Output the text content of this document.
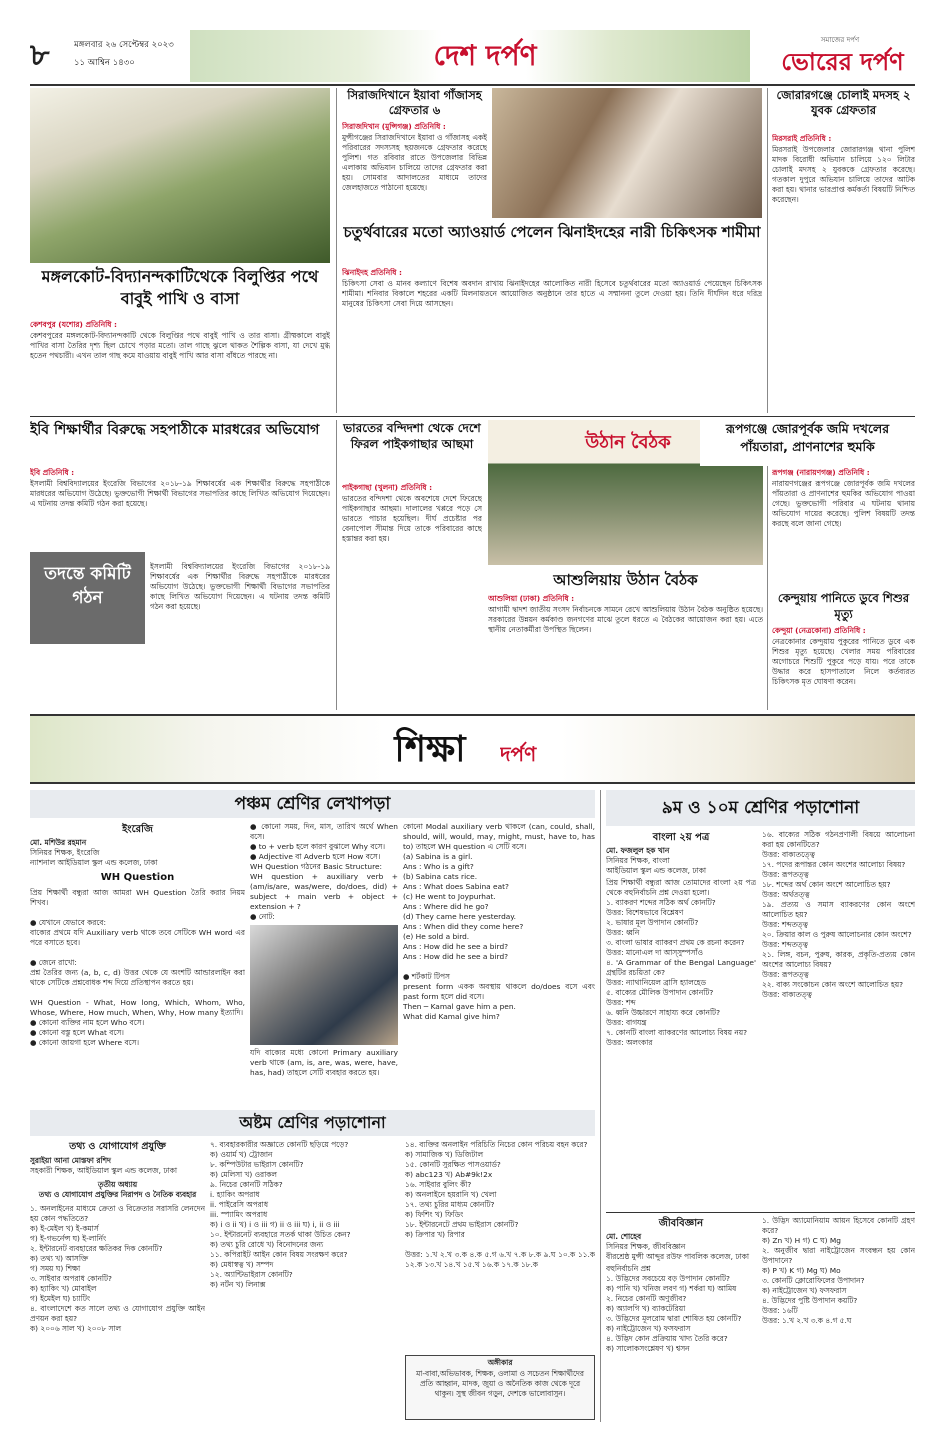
৮	মঙ্গলবার ২৬ সেপ্টেম্বর ২০২৩
১১ আশ্বিন ১৪৩০	দেশ দর্পণ	সমাজের দর্পণ
ভোরের দর্পণ
মঙ্গলকোট-বিদ্যানন্দকাটিথেকে বিলুপ্তির পথে বাবুই পাখি ও বাসা
কেশবপুর (যশোর) প্রতিনিধি :
কেশবপুরের মঙ্গলকোট-বিদ্যানন্দকাটি থেকে বিলুপ্তির পথে বাবুই পাখি ও তার বাসা। গ্রীষ্মকালে বাবুই পাখির বাসা তৈরির দৃশ্য ছিল চোখে পড়ার মতো। তাল গাছে ঝুলে থাকত শৈল্পিক বাসা, যা দেখে মুগ্ধ হতেন পথচারী। এখন তাল গাছ কমে যাওয়ায় বাবুই পাখি আর বাসা বাঁধতে পারছে না।
সিরাজদিখানে ইয়াবা গাঁজাসহ গ্রেফতার ৬
সিরাজদিখান (মুন্সিগঞ্জ) প্রতিনিধি :
মুন্সীগঞ্জের সিরাজদিখানে ইয়াবা ও গাঁজাসহ একই পরিবারের সদস্যসহ ছয়জনকে গ্রেফতার করেছে পুলিশ। গত রবিবার রাতে উপজেলার বিভিন্ন এলাকায় অভিযান চালিয়ে তাদের গ্রেফতার করা হয়। সোমবার আদালতের মাধ্যমে তাদের জেলহাজতে পাঠানো হয়েছে।
চতুর্থবারের মতো অ্যাওয়ার্ড পেলেন ঝিনাইদহের নারী চিকিৎসক শামীমা
ঝিনাইদহ প্রতিনিধি :
চিকিৎসা সেবা ও মানব কল্যাণে বিশেষ অবদান রাখায় ঝিনাইদহের আলোকিত নারী হিসেবে চতুর্থবারের মতো অ্যাওয়ার্ড পেয়েছেন চিকিৎসক শামীমা। শনিবার বিকালে শহরের একটি মিলনায়তনে আয়োজিত অনুষ্ঠানে তার হাতে এ সম্মাননা তুলে দেওয়া হয়। তিনি দীর্ঘদিন ধরে দরিদ্র মানুষের চিকিৎসা সেবা দিয়ে আসছেন।
জোরারগঞ্জে চোলাই মদসহ ২ যুবক গ্রেফতার
মিরসরাই প্রতিনিধি :
মিরসরাই উপজেলার জোরারগঞ্জ থানা পুলিশ মাদক বিরোধী অভিযান চালিয়ে ১২০ লিটার চোলাই মদসহ ২ যুবককে গ্রেফতার করেছে। গতকাল দুপুরে অভিযান চালিয়ে তাদের আটক করা হয়। থানার ভারপ্রাপ্ত কর্মকর্তা বিষয়টি নিশ্চিত করেছেন।
ইবি শিক্ষার্থীর বিরুদ্ধে সহপাঠীকে মারধরের অভিযোগ
ইবি প্রতিনিধি :
ইসলামী বিশ্ববিদ্যালয়ের ইংরেজি বিভাগের ২০১৮-১৯ শিক্ষাবর্ষের এক শিক্ষার্থীর বিরুদ্ধে সহপাঠীকে মারধরের অভিযোগ উঠেছে। ভুক্তভোগী শিক্ষার্থী বিভাগের সভাপতির কাছে লিখিত অভিযোগ দিয়েছেন। এ ঘটনায় তদন্ত কমিটি গঠন করা হয়েছে।
তদন্তে কমিটি গঠন

ইসলামী বিশ্ববিদ্যালয়ের ইংরেজি বিভাগের ২০১৮-১৯ শিক্ষাবর্ষের এক শিক্ষার্থীর বিরুদ্ধে সহপাঠীকে মারধরের অভিযোগ উঠেছে। ভুক্তভোগী শিক্ষার্থী বিভাগের সভাপতির কাছে লিখিত অভিযোগ দিয়েছেন। এ ঘটনায় তদন্ত কমিটি গঠন করা হয়েছে।

ভারতের বন্দিদশা থেকে দেশে ফিরল পাইকগাছার আছমা
পাইকগাছা (খুলনা) প্রতিনিধি :
ভারতের বন্দিদশা থেকে অবশেষে দেশে ফিরেছে পাইকগাছার আছমা। দালালের খপ্পরে পড়ে সে ভারতে পাচার হয়েছিল। দীর্ঘ প্রচেষ্টার পর বেনাপোল সীমান্ত দিয়ে তাকে পরিবারের কাছে হস্তান্তর করা হয়।
উঠান বৈঠক
আশুলিয়ায় উঠান বৈঠক
আশুলিয়া (ঢাকা) প্রতিনিধি :
আগামী দ্বাদশ জাতীয় সংসদ নির্বাচনকে সামনে রেখে আশুলিয়ায় উঠান বৈঠক অনুষ্ঠিত হয়েছে। সরকারের উন্নয়ন কর্মকাণ্ড জনগণের মাঝে তুলে ধরতে এ বৈঠকের আয়োজন করা হয়। এতে স্থানীয় নেতাকর্মীরা উপস্থিত ছিলেন।
রূপগঞ্জে জোরপূর্বক জমি দখলের পাঁয়তারা, প্রাণনাশের হুমকি
রূপগঞ্জ (নারায়ণগঞ্জ) প্রতিনিধি :
নারায়ণগঞ্জের রূপগঞ্জে জোরপূর্বক জমি দখলের পাঁয়তারা ও প্রাণনাশের হুমকির অভিযোগ পাওয়া গেছে। ভুক্তভোগী পরিবার এ ঘটনায় থানায় অভিযোগ দায়ের করেছে। পুলিশ বিষয়টি তদন্ত করছে বলে জানা গেছে।
কেন্দুয়ায় পানিতে ডুবে শিশুর মৃত্যু
কেন্দুয়া (নেত্রকোনা) প্রতিনিধি :
নেত্রকোনার কেন্দুয়ায় পুকুরের পানিতে ডুবে এক শিশুর মৃত্যু হয়েছে। খেলার সময় পরিবারের অগোচরে শিশুটি পুকুরে পড়ে যায়। পরে তাকে উদ্ধার করে হাসপাতালে নিলে কর্তব্যরত চিকিৎসক মৃত ঘোষণা করেন।
শিক্ষা	দর্পণ
পঞ্চম শ্রেণির লেখাপড়া
ইংরেজি
মো. মশিউর রহমান
সিনিয়র শিক্ষক, ইংরেজি
ন্যাশনাল আইডিয়াল স্কুল এন্ড কলেজ, ঢাকা
WH Question
প্রিয় শিক্ষার্থী বন্ধুরা আজ আমরা WH Question তৈরি করার নিয়ম শিখব।

● যেখানে যেভাবে করবে:
বাক্যের প্রথমে যদি Auxiliary verb থাকে তবে সেটিকে WH word এর পরে বসাতে হবে।

● জেনে রাখো:
প্রশ্ন তৈরির জন্য (a, b, c, d) উত্তর থেকে যে অংশটি আন্ডারলাইন করা থাকে সেটিকে প্রশ্নবোধক শব্দ দিয়ে প্রতিস্থাপন করতে হয়।

WH Question ‑ What, How long, Which, Whom, Who, Whose, Where, How much, When, Why, How many ইত্যাদি।
● কোনো ব্যক্তির নাম হলে Who বসে।
● কোনো বস্তু হলে What বসে।
● কোনো জায়গা হলে Where বসে।
● কোনো সময়, দিন, মাস, তারিখ অর্থে When বসে।
● to + verb হলে কারণ বুঝালে Why বসে।
● Adjective বা Adverb হলে How বসে।
WH Question গঠনের Basic Structure:
WH question + auxiliary verb + (am/is/are, was/were, do/does, did) + subject + main verb + object + extension + ?
● নোট:
যদি বাক্যের মধ্যে কোনো Primary auxiliary verb থাকে (am, is, are, was, were, have, has, had) তাহলে সেটি ব্যবহার করতে হয়।
কোনো Modal auxiliary verb থাকলে (can, could, shall, should, will, would, may, might, must, have to, has to) তাহলে WH question এ সেটি বসে।
(a) Sabina is a girl.
Ans : Who is a gift?
(b) Sabina cats rice.
Ans : What does Sabina eat?
(c) He went to Joypurhat.
Ans : Where did he go?
(d) They came here yesterday.
Ans : When did they come here?
(e) He sold a bird.
Ans : How did he see a bird?
Ans : How did he see a bird?

● শর্টকাট টিপস
present form একক অবস্থায় থাকলে do/does বসে এবং past form হলে did বসে।
Then ─ Kamal gave him a pen.
What did Kamal give him?
অষ্টম শ্রেণির পড়াশোনা
তথ্য ও যোগাযোগ প্রযুক্তি
সুরাইয়া আনা মোস্তফা রশিদ
সহকারী শিক্ষক, আইডিয়াল স্কুল এন্ড কলেজ, ঢাকা
তৃতীয় অধ্যায়
তথ্য ও যোগাযোগ প্রযুক্তির নিরাপদ ও নৈতিক ব্যবহার
১. অনলাইনের মাধ্যমে ক্রেতা ও বিক্রেতার সরাসরি লেনদেন হয় কোন পদ্ধতিতে?
ক) ই-মেইল খ) ই-কমার্স
গ) ই-গভর্নেন্স ঘ) ই-লার্নিং
২. ইন্টারনেট ব্যবহারের ক্ষতিকর দিক কোনটি?
ক) তথ্য খ) আসক্তি
গ) সময় ঘ) শিক্ষা
৩. সাইবার অপরাধ কোনটি?
ক) হ্যাকিং খ) মোবাইল
গ) ইমেইল ঘ) চ্যাটিং
৪. বাংলাদেশে কত সালে তথ্য ও যোগাযোগ প্রযুক্তি আইন প্রণয়ন করা হয়?
ক) ২০০৬ সাল খ) ২০০৮ সাল
৭. ব্যবহারকারীর অজ্ঞাতে কোনটি ছড়িয়ে পড়ে?
ক) ওয়ার্ম খ) ট্রোজান
৮. কম্পিউটার ভাইরাস কোনটি?
ক) মেলিসা খ) ওরাকল
৯. নিচের কোনটি সঠিক?
i. হ্যাকিং অপরাধ
ii. পাইরেসি অপরাধ
iii. স্প্যামিং অপরাধ
ক) i ও ii খ) i ও iii গ) ii ও iii ঘ) i, ii ও iii
১০. ইন্টারনেট ব্যবহারে সতর্ক থাকা উচিত কেন?
ক) তথ্য চুরি রোধে খ) বিনোদনের জন্য
১১. কপিরাইট আইন কোন বিষয় সংরক্ষণ করে?
ক) মেধাস্বত্ব খ) সম্পদ
১২. অ্যান্টিভাইরাস কোনটি?
ক) নর্টন খ) লিনাক্স
১৪. ব্যক্তির অনলাইন পরিচিতি নিচের কোন পরিচয় বহন করে?
ক) সামাজিক খ) ডিজিটাল
১৫. কোনটি সুরক্ষিত পাসওয়ার্ড?
ক) abc123 খ) Ab#9k!2x
১৬. সাইবার বুলিং কী?
ক) অনলাইনে হয়রানি খ) খেলা
১৭. তথ্য চুরির মাধ্যম কোনটি?
ক) ফিশিং খ) ফিডিং
১৮. ইন্টারনেটে প্রথম ভাইরাস কোনটি?
ক) ক্রিপার খ) রিপার

উত্তর: ১.খ ২.খ ৩.ক ৪.ক ৫.গ ৬.খ ৭.ক ৮.ক ৯.ঘ ১০.ক ১১.ক ১২.ক ১৩.খ ১৪.খ ১৫.খ ১৬.ক ১৭.ক ১৮.ক
অঙ্গীকার
মা-বাবা,অভিভাবক, শিক্ষক, ওলামা ও সচেতন শিক্ষার্থীদের প্রতি আহ্বান, মাদক, জুয়া ও অনৈতিক কাজ থেকে দূরে থাকুন। সুস্থ জীবন গড়ুন, দেশকে ভালোবাসুন।
৯ম ও ১০ম শ্রেণির পড়াশোনা
বাংলা ২য় পত্র
মো. ফজলুল হক খান
সিনিয়র শিক্ষক, বাংলা
আইডিয়াল স্কুল এন্ড কলেজ, ঢাকা
প্রিয় শিক্ষার্থী বন্ধুরা আজ তোমাদের বাংলা ২য় পত্র থেকে বহুনির্বাচনি প্রশ্ন দেওয়া হলো।
১. ব্যাকরণ শব্দের সঠিক অর্থ কোনটি?
উত্তর: বিশেষভাবে বিশ্লেষণ
২. ভাষার মূল উপাদান কোনটি?
উত্তর: ধ্বনি
৩. বাংলা ভাষার ব্যাকরণ প্রথম কে রচনা করেন?
উত্তর: মানোএল দা আস্‌সুম্পসাঁও
৪. 'A Grammar of the Bengal Language' গ্রন্থটির রচয়িতা কে?
উত্তর: ন্যাথানিয়েল ব্রাসি হ্যালহেড
৫. বাক্যের মৌলিক উপাদান কোনটি?
উত্তর: শব্দ
৬. ধ্বনি উচ্চারণে সাহায্য করে কোনটি?
উত্তর: বাগযন্ত্র
৭. কোনটি বাংলা ব্যাকরণের আলোচ্য বিষয় নয়?
উত্তর: অলংকার
১৬. বাক্যের সঠিক গঠনপ্রণালী বিষয়ে আলোচনা করা হয় কোনটিতে?
উত্তর: বাক্যতত্ত্বে
১৭. পদের রূপান্তর কোন অংশের আলোচ্য বিষয়?
উত্তর: রূপতত্ত্ব
১৮. শব্দের অর্থ কোন অংশে আলোচিত হয়?
উত্তর: অর্থতত্ত্ব
১৯. প্রত্যয় ও সমাস ব্যাকরণের কোন অংশে আলোচিত হয়?
উত্তর: শব্দতত্ত্ব
২০. ক্রিয়ার কাল ও পুরুষ আলোচনার কোন অংশে?
উত্তর: শব্দতত্ত্ব
২১. লিঙ্গ, বচন, পুরুষ, কারক, প্রকৃতি-প্রত্যয় কোন অংশের আলোচ্য বিষয়?
উত্তর: রূপতত্ত্ব
২২. বাক্য সংকোচন কোন অংশে আলোচিত হয়?
উত্তর: বাক্যতত্ত্ব
জীববিজ্ঞান
মো. শোহেব
সিনিয়র শিক্ষক, জীববিজ্ঞান
বীরশ্রেষ্ঠ মুন্সী আব্দুর রউফ পাবলিক কলেজ, ঢাকা
বহুনির্বাচনি প্রশ্ন
১. উদ্ভিদের সবচেয়ে বড় উপাদান কোনটি?
ক) পানি খ) খনিজ লবণ গ) শর্করা ঘ) আমিষ
২. নিচের কোনটি অণুজীব?
ক) অ্যালগি খ) ব্যাকটেরিয়া
৩. উদ্ভিদের মূলরোম দ্বারা শোষিত হয় কোনটি?
ক) নাইট্রোজেন খ) ফসফরাস
৪. উদ্ভিদ কোন প্রক্রিয়ায় খাদ্য তৈরি করে?
ক) সালোকসংশ্লেষণ খ) শ্বসন
১. উদ্ভিদ অ্যামোনিয়াম আয়ন হিসেবে কোনটি গ্রহণ করে?
ক) Zn খ) H গ) C ঘ) Mg
২. অনুজীব দ্বারা নাইট্রোজেন সংবন্ধন হয় কোন উপাদানে?
ক) P খ) K গ) Mg ঘ) Mo
৩. কোনটি ক্লোরোফিলের উপাদান?
ক) নাইট্রোজেন খ) ফসফরাস
৪. উদ্ভিদের পুষ্টি উপাদান কয়টি?
উত্তর: ১৬টি
উত্তর: ১.খ ২.খ ৩.ক ৪.গ ৫.ঘ
